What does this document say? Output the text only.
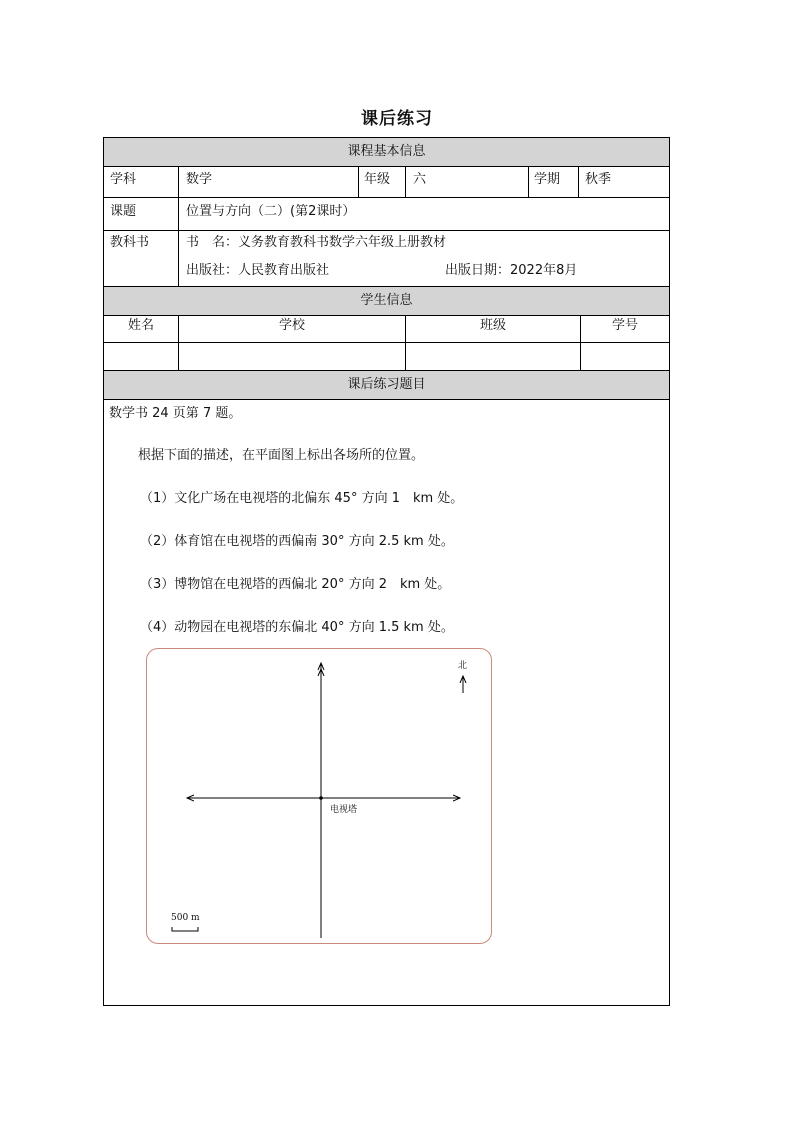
课后练习
课程基本信息
学生信息
课后练习题目
学科	数学	年级 六	学期 秋季
课题	位置与方向（二）(第2课时）
教科书	书　名：义务教育教科书数学六年级上册教材
出版社：人民教育出版社	出版日期：2022年8月
姓名	学校	班级	学号
数学书 24 页第 7 题。
根据下面的描述，在平面图上标出各场所的位置。
（1）文化广场在电视塔的北偏东 45° 方向 1　km 处。
（2）体育馆在电视塔的西偏南 30° 方向 2.5 km 处。
（3）博物馆在电视塔的西偏北 20° 方向 2　km 处。
（4）动物园在电视塔的东偏北 40° 方向 1.5 km 处。
北
电视塔
500 m
